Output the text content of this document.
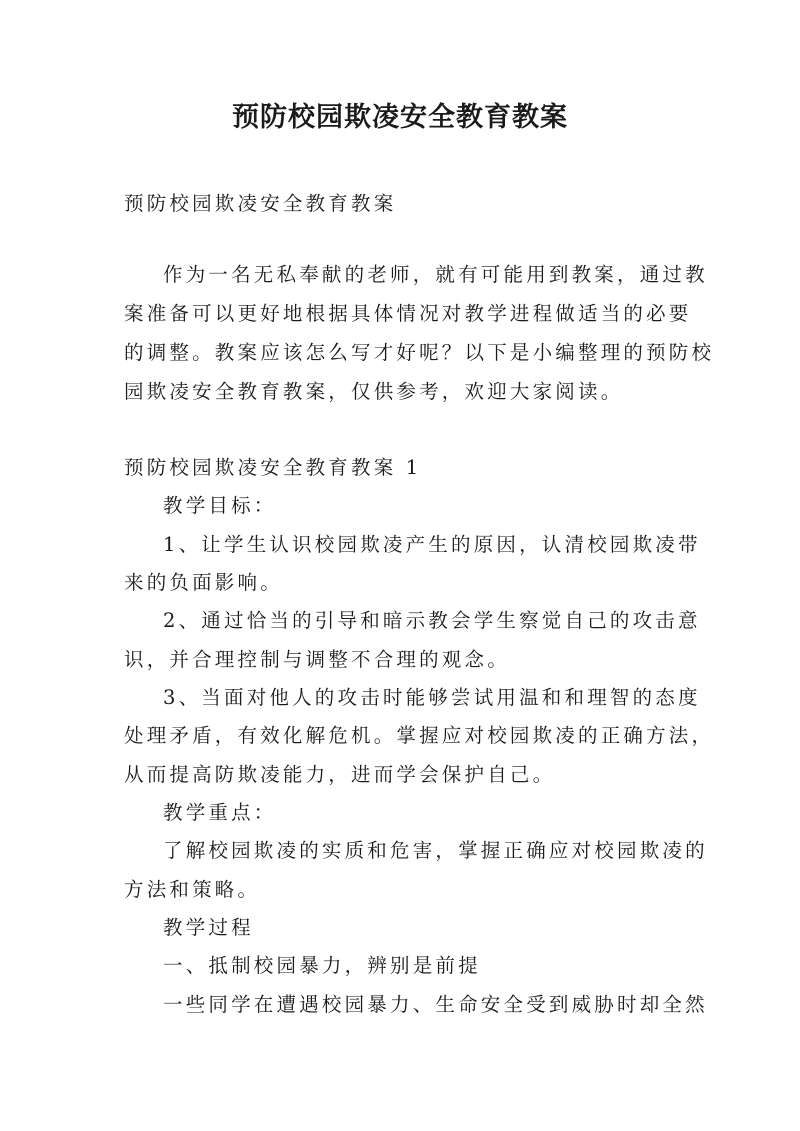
预防校园欺凌安全教育教案
预防校园欺凌安全教育教案
作为一名无私奉献的老师，就有可能用到教案，通过教
案准备可以更好地根据具体情况对教学进程做适当的必要
的调整。教案应该怎么写才好呢？以下是小编整理的预防校
园欺凌安全教育教案，仅供参考，欢迎大家阅读。
预防校园欺凌安全教育教案 1
教学目标：
1、让学生认识校园欺凌产生的原因，认清校园欺凌带
来的负面影响。
2、通过恰当的引导和暗示教会学生察觉自己的攻击意
识，并合理控制与调整不合理的观念。
3、当面对他人的攻击时能够尝试用温和和理智的态度
处理矛盾，有效化解危机。掌握应对校园欺凌的正确方法，
从而提高防欺凌能力，进而学会保护自己。
教学重点：
了解校园欺凌的实质和危害，掌握正确应对校园欺凌的
方法和策略。
教学过程
一、抵制校园暴力，辨别是前提
一些同学在遭遇校园暴力、生命安全受到威胁时却全然
